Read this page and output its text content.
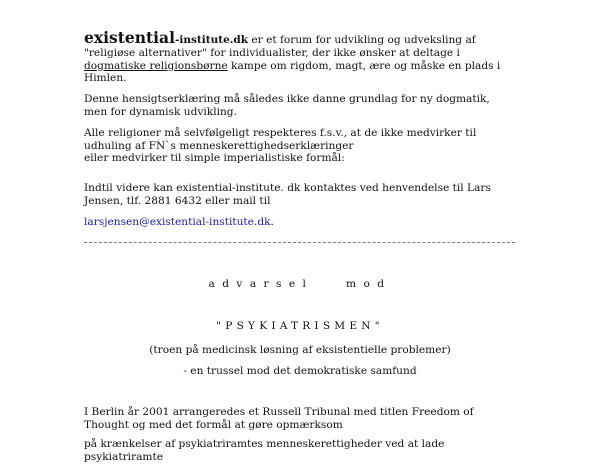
existential-institute.dk er et forum for udvikling og udveksling af "religiøse alternativer" for individualister, der ikke ønsker at deltage i dogmatiske religionsbørne kampe om rigdom, magt, ære og måske en plads i Himlen.

Denne hensigtserklæring må således ikke danne grundlag for ny dogmatik, men for dynamisk udvikling.

Alle religioner må selvfølgeligt respekteres f.s.v., at de ikke medvirker til udhuling af FN`s menneskerettighedserklæringer
eller medvirker til simple imperialistiske formål:

Indtil videre kan existential-institute. dk kontaktes ved henvendelse til Lars Jensen, tlf. 2881 6432 eller mail til

larsjensen@existential-institute.dk.

advarsel mod
"PSYKIATRISMEN"
(troen på medicinsk løsning af eksistentielle problemer)
- en trussel mod det demokratiske samfund
I Berlin år 2001 arrangeredes et Russell Tribunal med titlen Freedom of Thought og med det formål at gøre opmærksom
på krænkelser af psykiatriramtes menneskerettigheder ved at lade psykiatriramte
